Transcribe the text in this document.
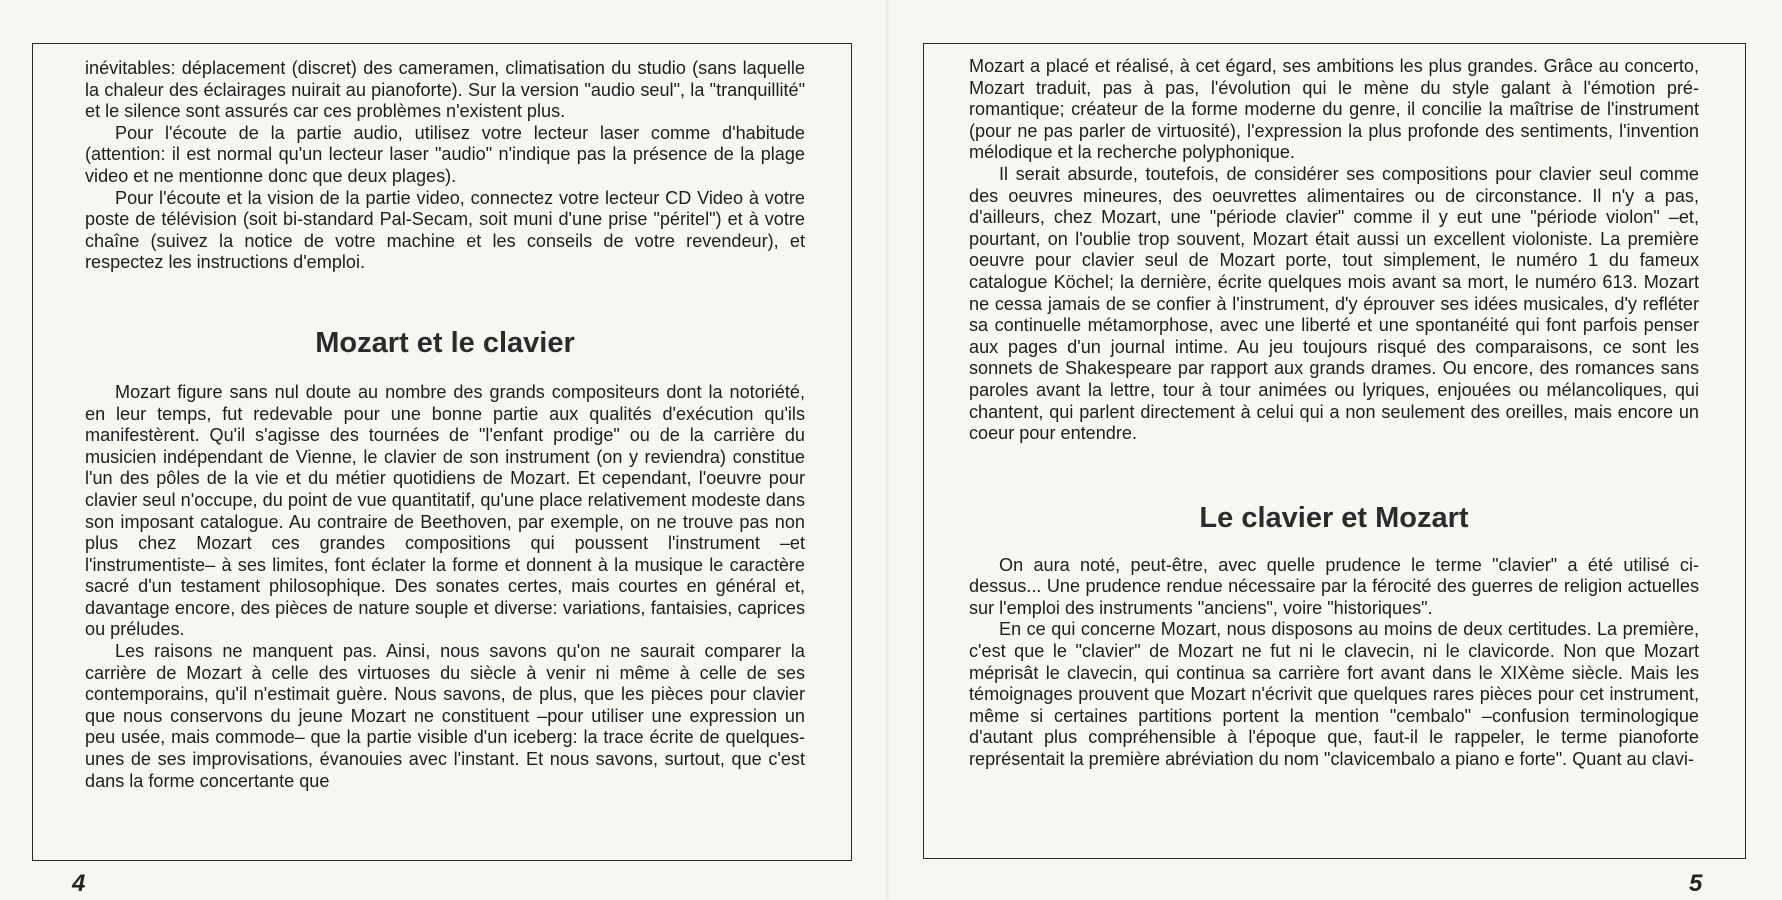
inévitables: déplacement (discret) des cameramen, climatisation du studio (sans laquelle la chaleur des éclairages nuirait au pianoforte). Sur la version "audio seul", la "tranquillité" et le silence sont assurés car ces problèmes n'existent plus.

Pour l'écoute de la partie audio, utilisez votre lecteur laser comme d'habitude (attention: il est normal qu'un lecteur laser "audio" n'indique pas la présence de la plage video et ne mentionne donc que deux plages).

Pour l'écoute et la vision de la partie video, connectez votre lecteur CD Video à votre poste de télévision (soit bi-standard Pal-Secam, soit muni d'une prise "péritel") et à votre chaîne (suivez la notice de votre machine et les conseils de votre revendeur), et respectez les instructions d'emploi.

Mozart et le clavier

Mozart figure sans nul doute au nombre des grands compositeurs dont la notoriété, en leur temps, fut redevable pour une bonne partie aux qualités d'exécution qu'ils manifestèrent. Qu'il s'agisse des tournées de "l'enfant prodige" ou de la carrière du musicien indépendant de Vienne, le clavier de son instrument (on y reviendra) constitue l'un des pôles de la vie et du métier quotidiens de Mozart. Et cependant, l'oeuvre pour clavier seul n'occupe, du point de vue quantitatif, qu'une place relativement modeste dans son imposant catalogue. Au contraire de Beethoven, par exemple, on ne trouve pas non plus chez Mozart ces grandes compositions qui poussent l'instrument –et l'instrumentiste– à ses limites, font éclater la forme et donnent à la musique le caractère sacré d'un testament philosophique. Des sonates certes, mais courtes en général et, davantage encore, des pièces de nature souple et diverse: variations, fantaisies, caprices ou préludes.

Les raisons ne manquent pas. Ainsi, nous savons qu'on ne saurait comparer la carrière de Mozart à celle des virtuoses du siècle à venir ni même à celle de ses contemporains, qu'il n'estimait guère. Nous savons, de plus, que les pièces pour clavier que nous conservons du jeune Mozart ne constituent –pour utiliser une expression un peu usée, mais commode– que la partie visible d'un iceberg: la trace écrite de quelques-unes de ses improvisations, évanouies avec l'instant. Et nous savons, surtout, que c'est dans la forme concertante que

4

Mozart a placé et réalisé, à cet égard, ses ambitions les plus grandes. Grâce au concerto, Mozart traduit, pas à pas, l'évolution qui le mène du style galant à l'émotion pré-romantique; créateur de la forme moderne du genre, il concilie la maîtrise de l'instrument (pour ne pas parler de virtuosité), l'expression la plus profonde des sentiments, l'invention mélodique et la recherche polyphonique.

Il serait absurde, toutefois, de considérer ses compositions pour clavier seul comme des oeuvres mineures, des oeuvrettes alimentaires ou de circonstance. Il n'y a pas, d'ailleurs, chez Mozart, une "période clavier" comme il y eut une "période violon" –et, pourtant, on l'oublie trop souvent, Mozart était aussi un excellent violoniste. La première oeuvre pour clavier seul de Mozart porte, tout simplement, le numéro 1 du fameux catalogue Köchel; la dernière, écrite quelques mois avant sa mort, le numéro 613. Mozart ne cessa jamais de se confier à l'instrument, d'y éprouver ses idées musicales, d'y refléter sa continuelle métamorphose, avec une liberté et une spontanéité qui font parfois penser aux pages d'un journal intime. Au jeu toujours risqué des comparaisons, ce sont les sonnets de Shakespeare par rapport aux grands drames. Ou encore, des romances sans paroles avant la lettre, tour à tour animées ou lyriques, enjouées ou mélancoliques, qui chantent, qui parlent directement à celui qui a non seulement des oreilles, mais encore un coeur pour entendre.

Le clavier et Mozart

On aura noté, peut-être, avec quelle prudence le terme "clavier" a été utilisé ci-dessus... Une prudence rendue nécessaire par la férocité des guerres de religion actuelles sur l'emploi des instruments "anciens", voire "historiques".

En ce qui concerne Mozart, nous disposons au moins de deux certitudes. La première, c'est que le "clavier" de Mozart ne fut ni le clavecin, ni le clavicorde. Non que Mozart méprisât le clavecin, qui continua sa carrière fort avant dans le XIXème siècle. Mais les témoignages prouvent que Mozart n'écrivit que quelques rares pièces pour cet instrument, même si certaines partitions portent la mention "cembalo" –confusion terminologique d'autant plus compréhensible à l'époque que, faut-il le rappeler, le terme pianoforte représentait la première abréviation du nom "clavicembalo a piano e forte". Quant au clavi-

5
